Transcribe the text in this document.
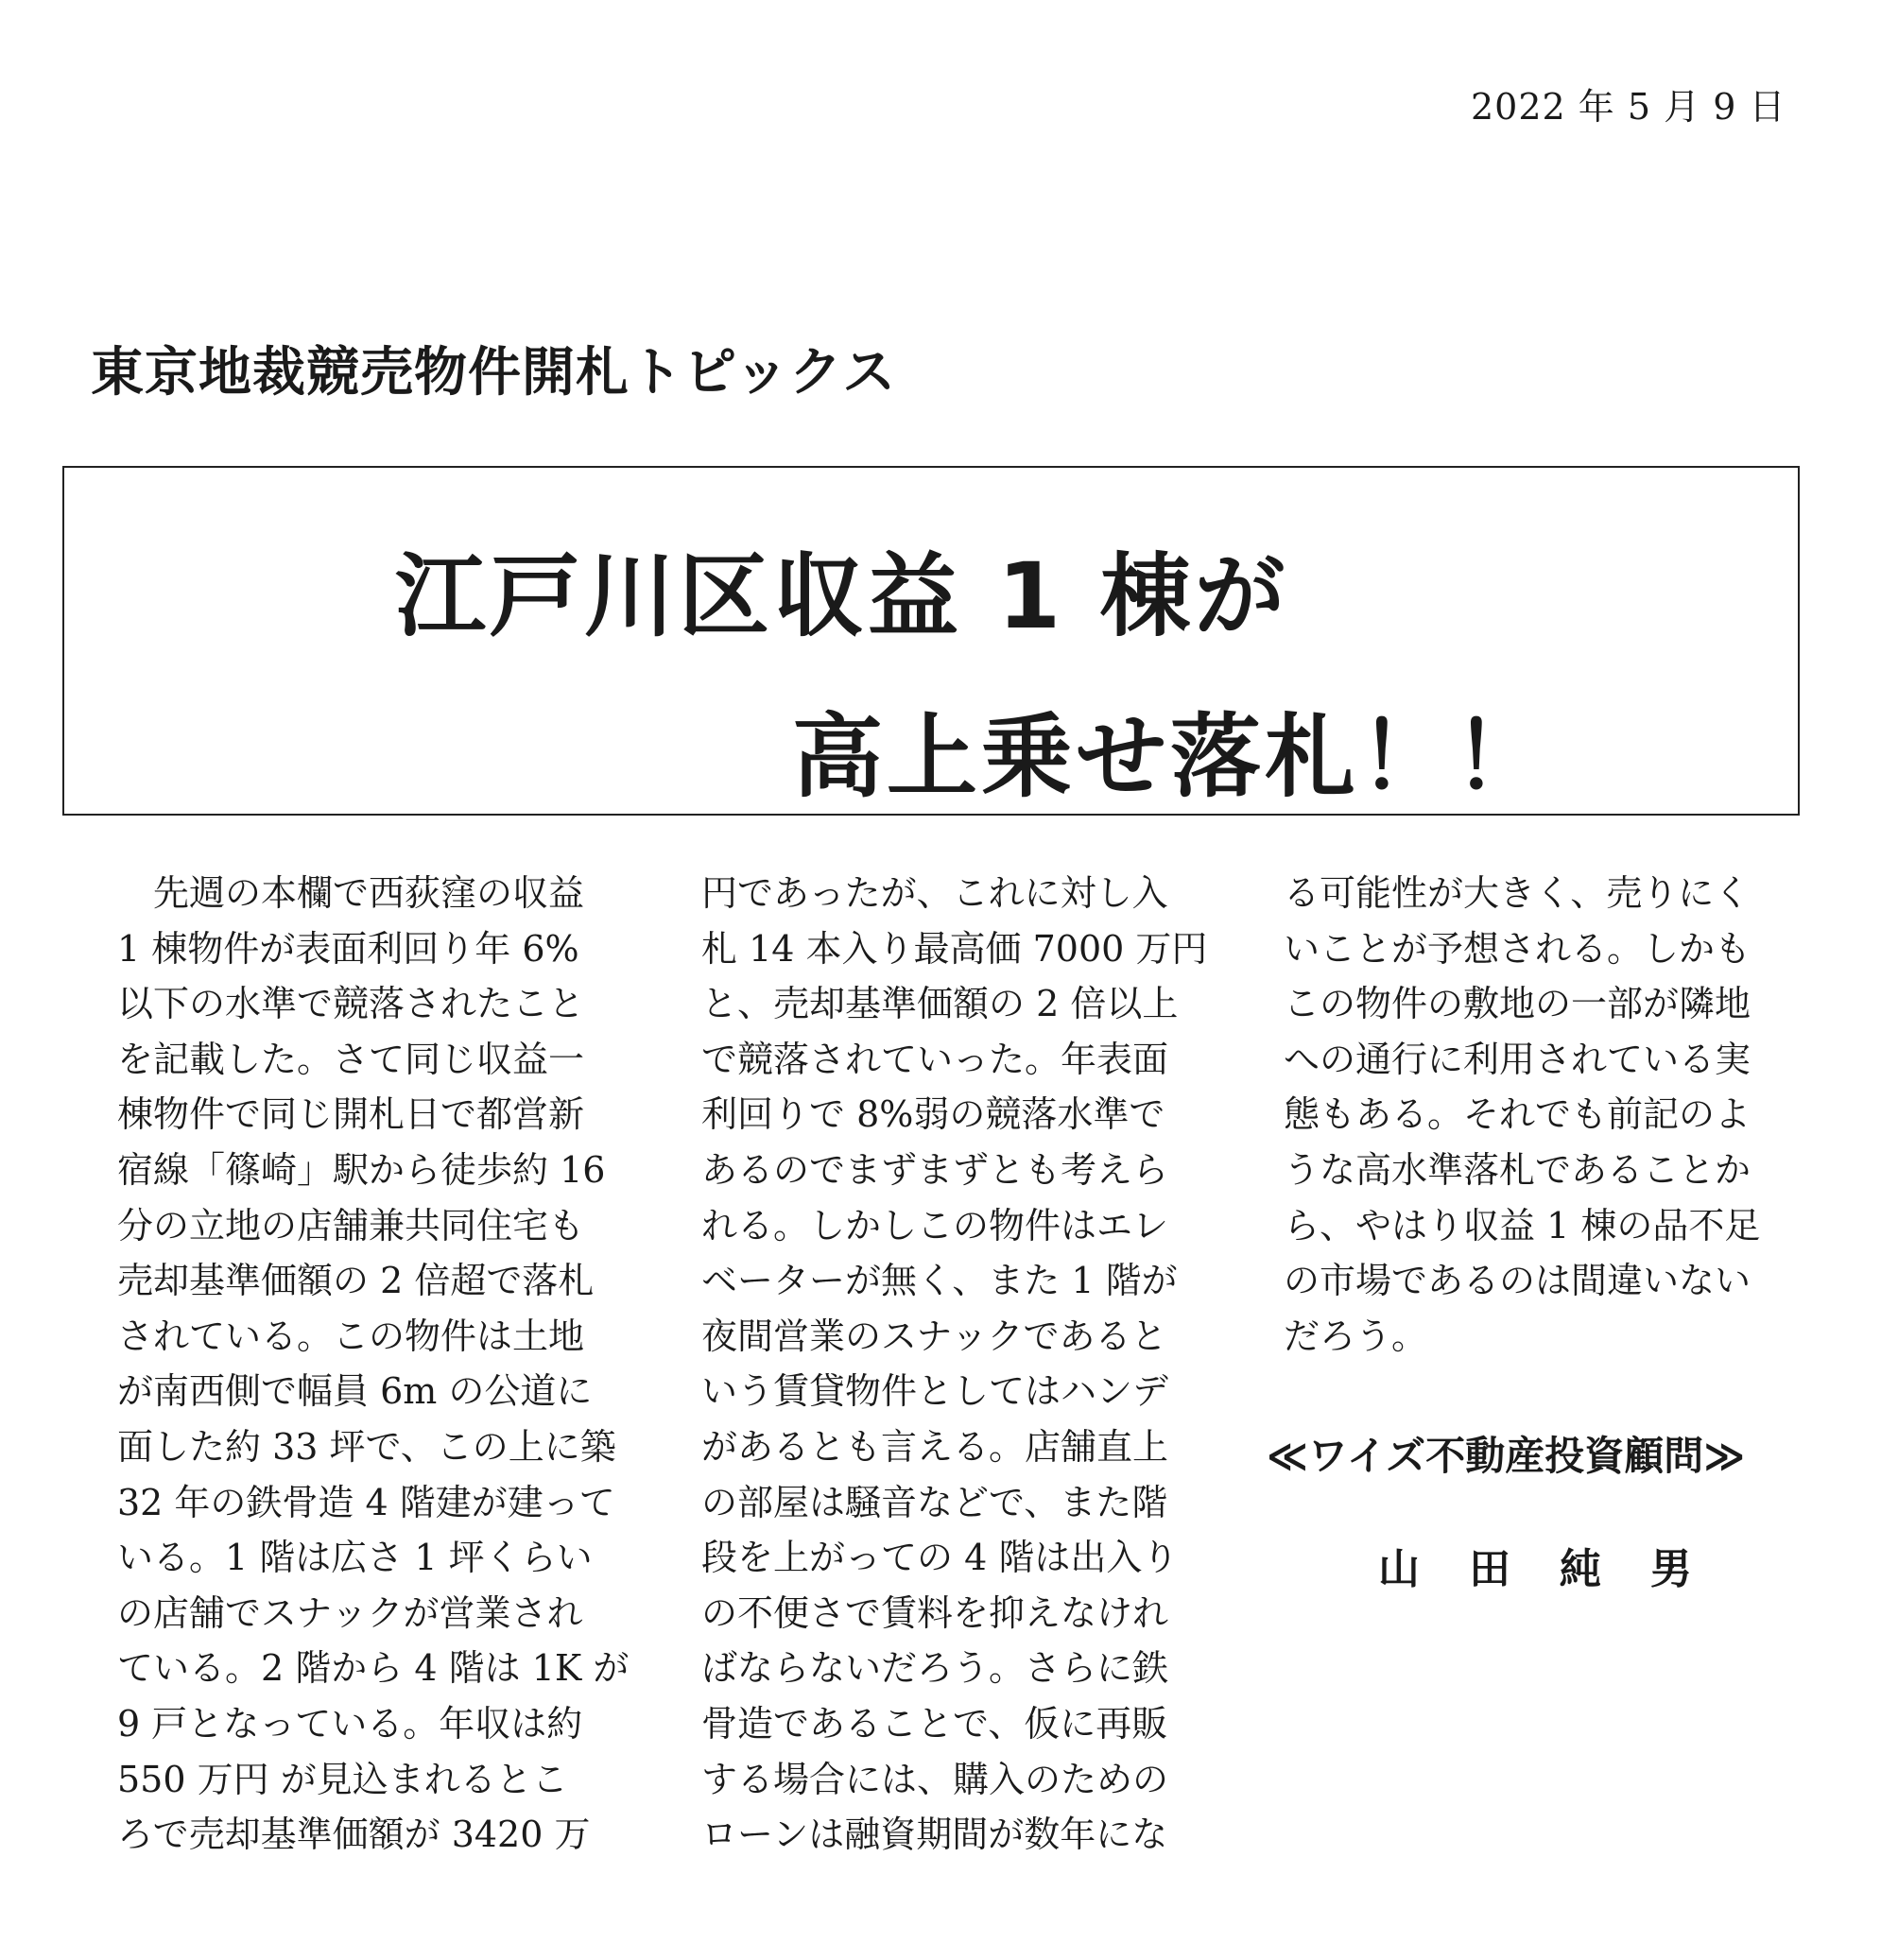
2022 年 5 月 9 日
東京地裁競売物件開札トピックス
江戸川区収益 1 棟が
高上乗せ落札！！

　先週の本欄で西荻窪の収益

1 棟物件が表面利回り年 6%

以下の水準で競落されたこと

を記載した。さて同じ収益一

棟物件で同じ開札日で都営新

宿線「篠崎」駅から徒歩約 16

分の立地の店舗兼共同住宅も

売却基準価額の 2 倍超で落札

されている。この物件は土地

が南西側で幅員 6m の公道に

面した約 33 坪で、この上に築

32 年の鉄骨造 4 階建が建って

いる。1 階は広さ 1 坪くらい

の店舗でスナックが営業され

ている。2 階から 4 階は 1K が

9 戸となっている。年収は約

550 万円 が見込まれるとこ

ろで売却基準価額が 3420 万

円であったが、これに対し入

札 14 本入り最高価 7000 万円

と、売却基準価額の 2 倍以上

で競落されていった。年表面

利回りで 8%弱の競落水準で

あるのでまずまずとも考えら

れる。しかしこの物件はエレ

ベーターが無く、また 1 階が

夜間営業のスナックであると

いう賃貸物件としてはハンデ

があるとも言える。店舗直上

の部屋は騒音などで、また階

段を上がっての 4 階は出入り

の不便さで賃料を抑えなけれ

ばならないだろう。さらに鉄

骨造であることで、仮に再販

する場合には、購入のための

ローンは融資期間が数年にな

る可能性が大きく、売りにく

いことが予想される。しかも

この物件の敷地の一部が隣地

への通行に利用されている実

態もある。それでも前記のよ

うな高水準落札であることか

ら、やはり収益 1 棟の品不足

の市場であるのは間違いない

だろう。

≪ワイズ不動産投資顧問≫
山　田　純　男
